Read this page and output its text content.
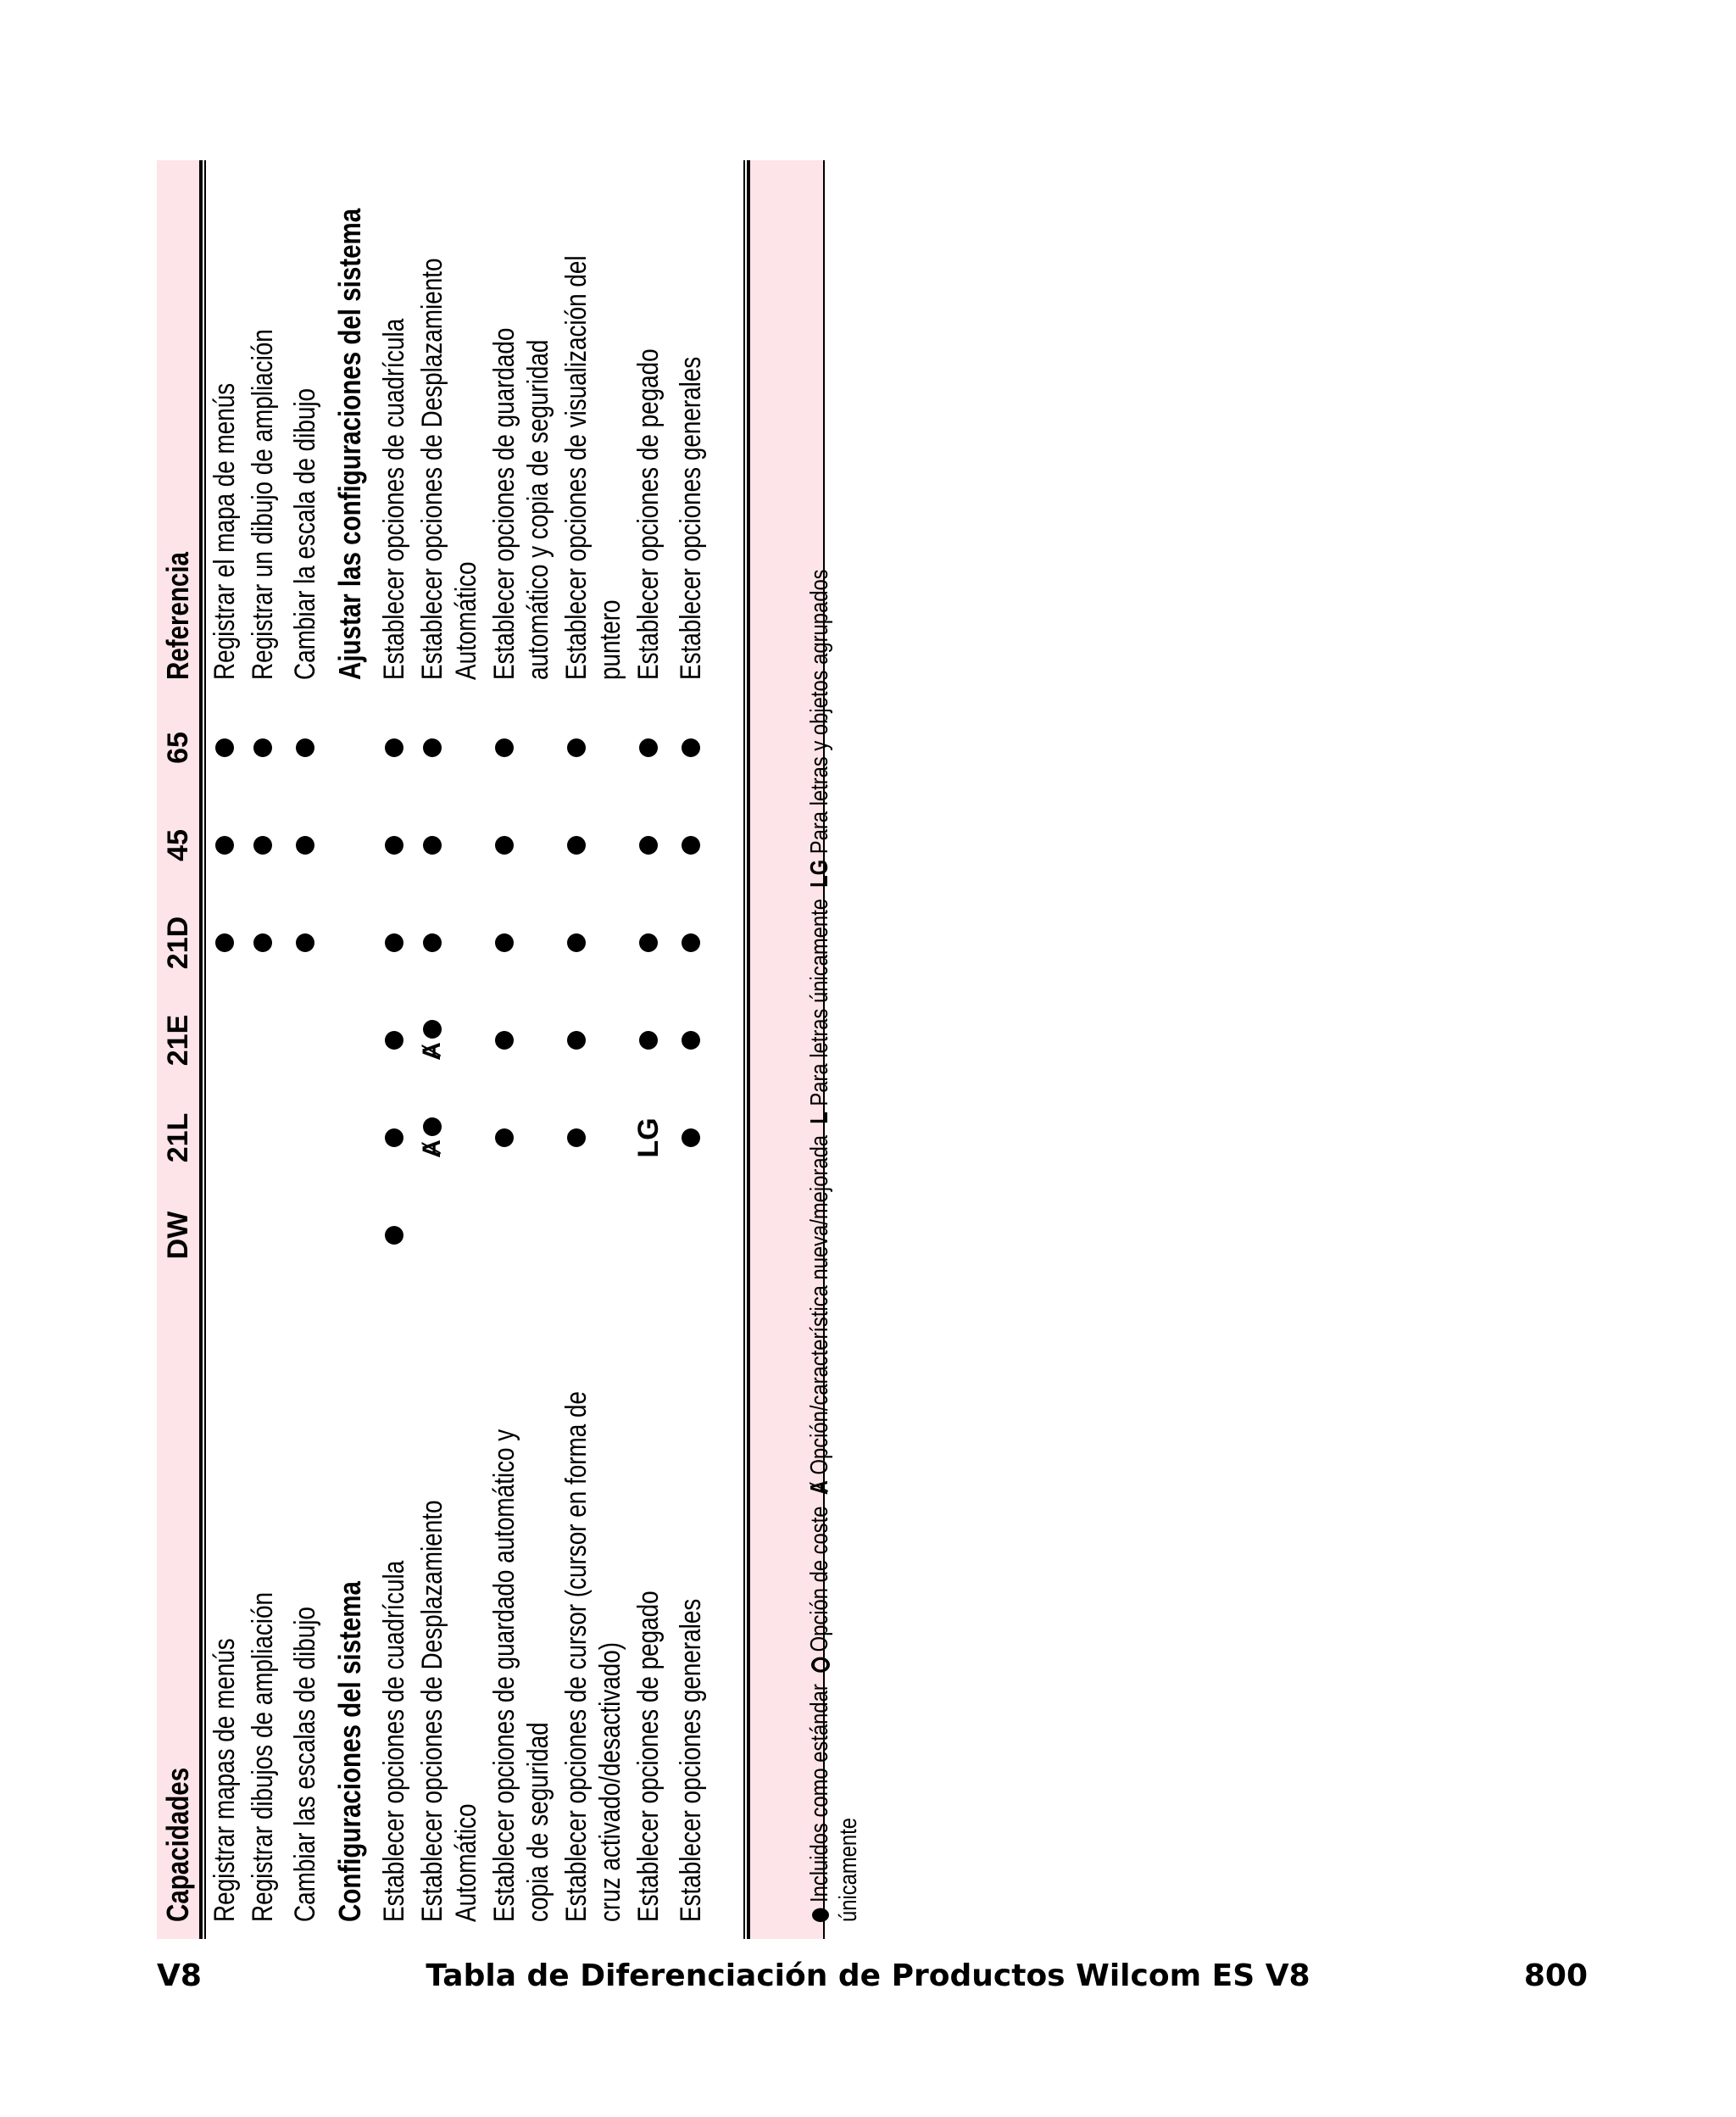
Capacidades
DW
21L
21E
21D
45
65
Referencia
Registrar mapas de menús
Registrar el mapa de menús
Registrar dibujos de ampliación
Registrar un dibujo de ampliación
Cambiar las escalas de dibujo
Cambiar la escala de dibujo
Configuraciones del sistema
Ajustar las configuraciones del sistema
Establecer opciones de cuadrícula
Establecer opciones de cuadrícula
Establecer opciones de Desplazamiento Automático
Ⱥ
Ⱥ
Establecer opciones de Desplazamiento Automático
Establecer opciones de guardado automático y copia de seguridad
Establecer opciones de guardado automático y copia de seguridad
Establecer opciones de cursor (cursor en forma de cruz activado/desactivado)
Establecer opciones de visualización del puntero
Establecer opciones de pegado
LG
Establecer opciones de pegado
Establecer opciones generales
Establecer opciones generales
Incluidos como estándar   Opción de coste  Ⱥ Opción/característica nueva/mejorada  L Para letras únicamente  LG Para letras y objetos agrupados únicamente
V8	Tabla de Diferenciación de Productos Wilcom ES V8	800
